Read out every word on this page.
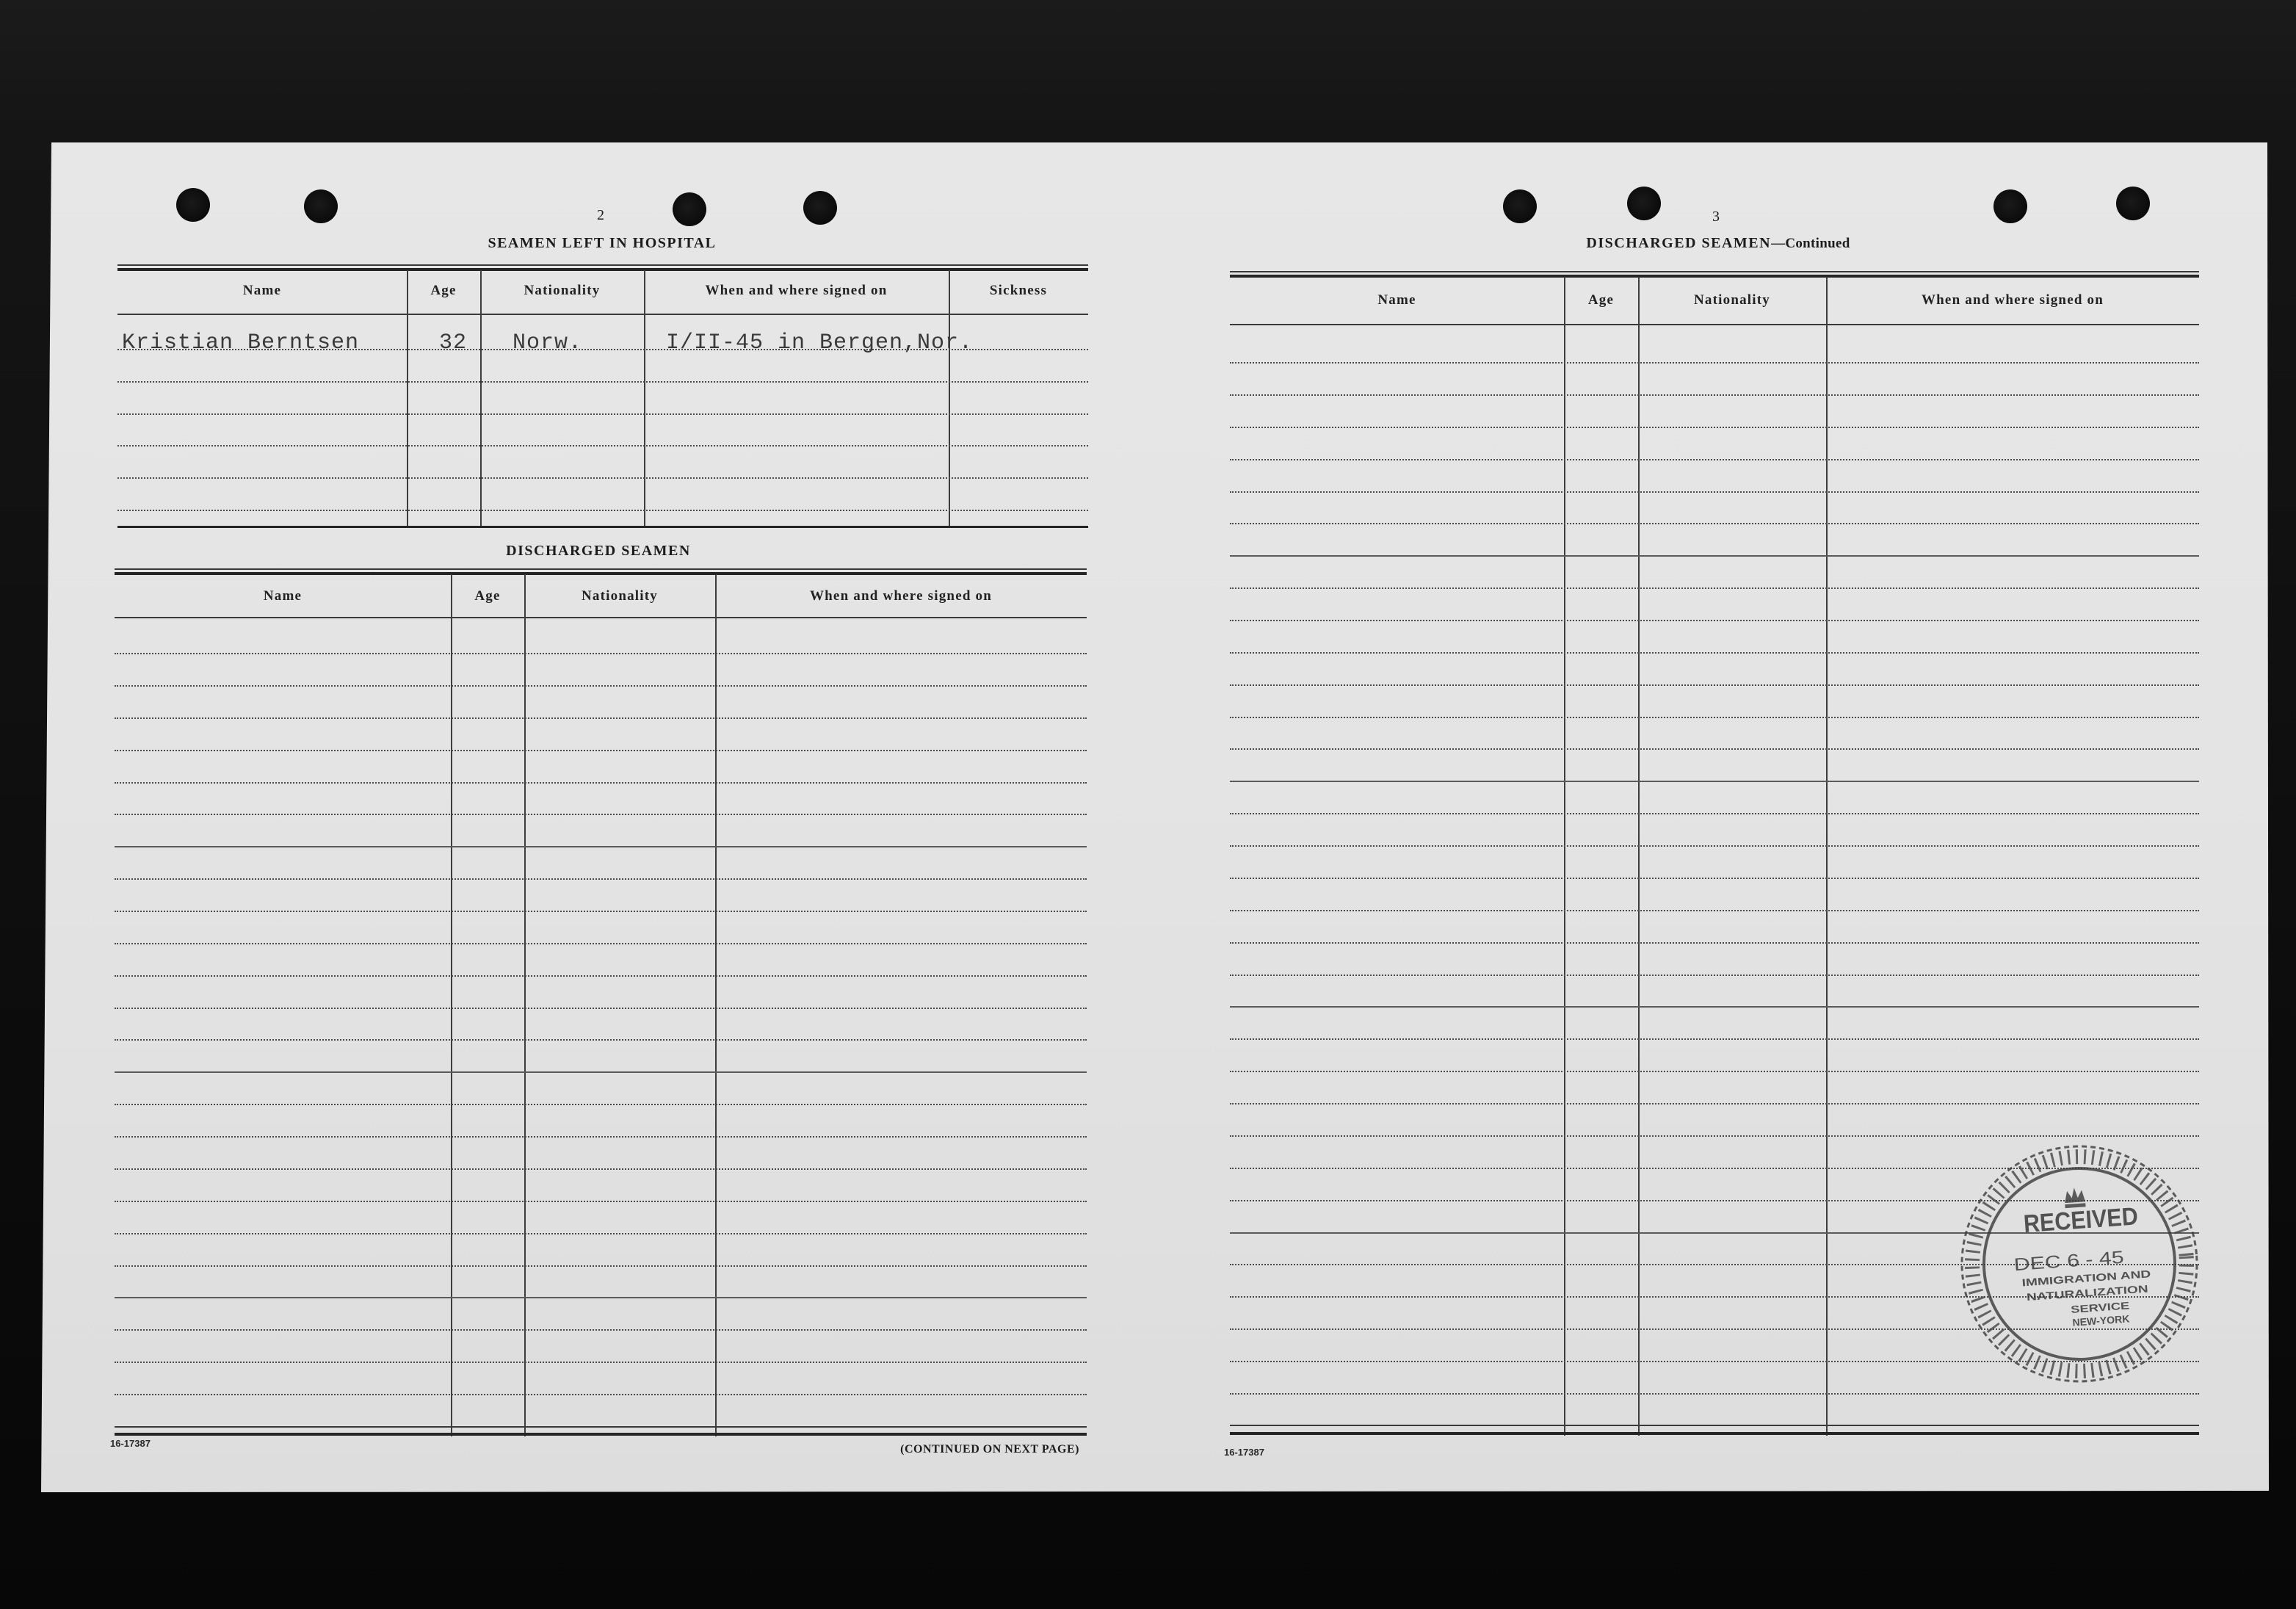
2
SEAMEN LEFT IN HOSPITAL
Name	Age	Nationality	When and where signed on	Sickness
Kristian Berntsen	32 Norw.	I/II-45 in Bergen,Nor.
DISCHARGED SEAMEN
Name	Age	Nationality	When and where signed on
16-17387	(CONTINUED ON NEXT PAGE)
3
DISCHARGED SEAMEN—Continued
Name	Age	Nationality	When and where signed on
16-17387
RECEIVED
DEC 6 - 45
IMMIGRATION AND
NATURALIZATION
SERVICE
NEW-YORK
